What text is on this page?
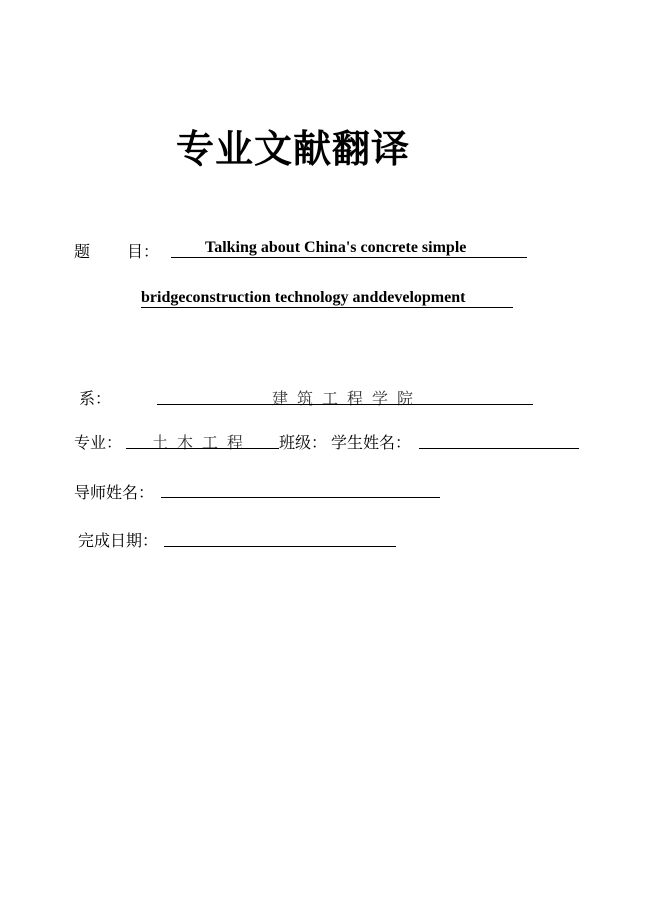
专业文献翻译
题 目：	Talking about China's concrete simple
bridgeconstruction technology anddevelopment
系：	建筑工程学院
专业： 土木工程 班级： 学生姓名：
导师姓名：
完成日期：
